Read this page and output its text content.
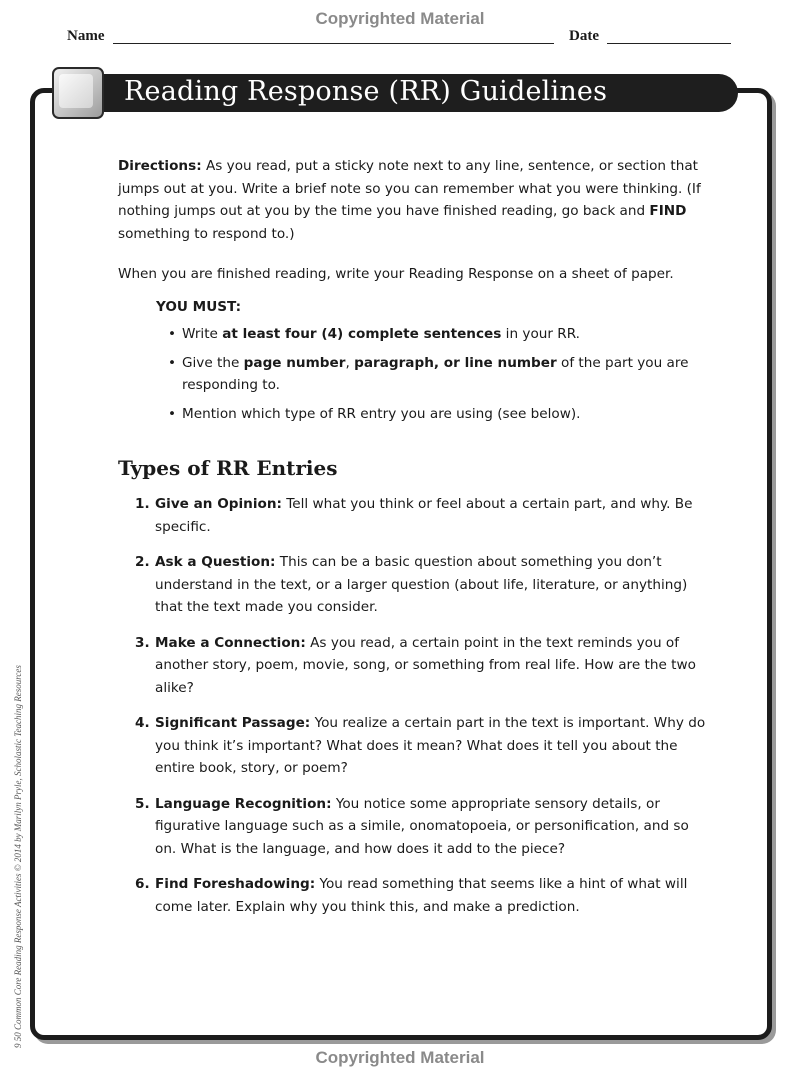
Copyrighted Material
Name	Date
Reading Response (RR) Guidelines
9 50 Common Core Reading Response Activities © 2014 by Marilyn Pryle, Scholastic Teaching Resources

Directions: As you read, put a sticky note next to any line, sentence, or section that jumps out at you. Write a brief note so you can remember what you were thinking. (If nothing jumps out at you by the time you have finished reading, go back and FIND something to respond to.)

When you are finished reading, write your Reading Response on a sheet of paper.

YOU MUST:

• Write at least four (4) complete sentences in your RR.
• Give the page number, paragraph, or line number of the part you are responding to.
• Mention which type of RR entry you are using (see below).

Types of RR Entries

1. Give an Opinion: Tell what you think or feel about a certain part, and why. Be specific.
2. Ask a Question: This can be a basic question about something you don’t understand in the text, or a larger question (about life, literature, or anything) that the text made you consider.
3. Make a Connection: As you read, a certain point in the text reminds you of another story, poem, movie, song, or something from real life. How are the two alike?
4. Significant Passage: You realize a certain part in the text is important. Why do you think it’s important? What does it mean? What does it tell you about the entire book, story, or poem?
5. Language Recognition: You notice some appropriate sensory details, or figurative language such as a simile, onomatopoeia, or personification, and so on. What is the language, and how does it add to the piece?
6. Find Foreshadowing: You read something that seems like a hint of what will come later. Explain why you think this, and make a prediction.
Copyrighted Material
